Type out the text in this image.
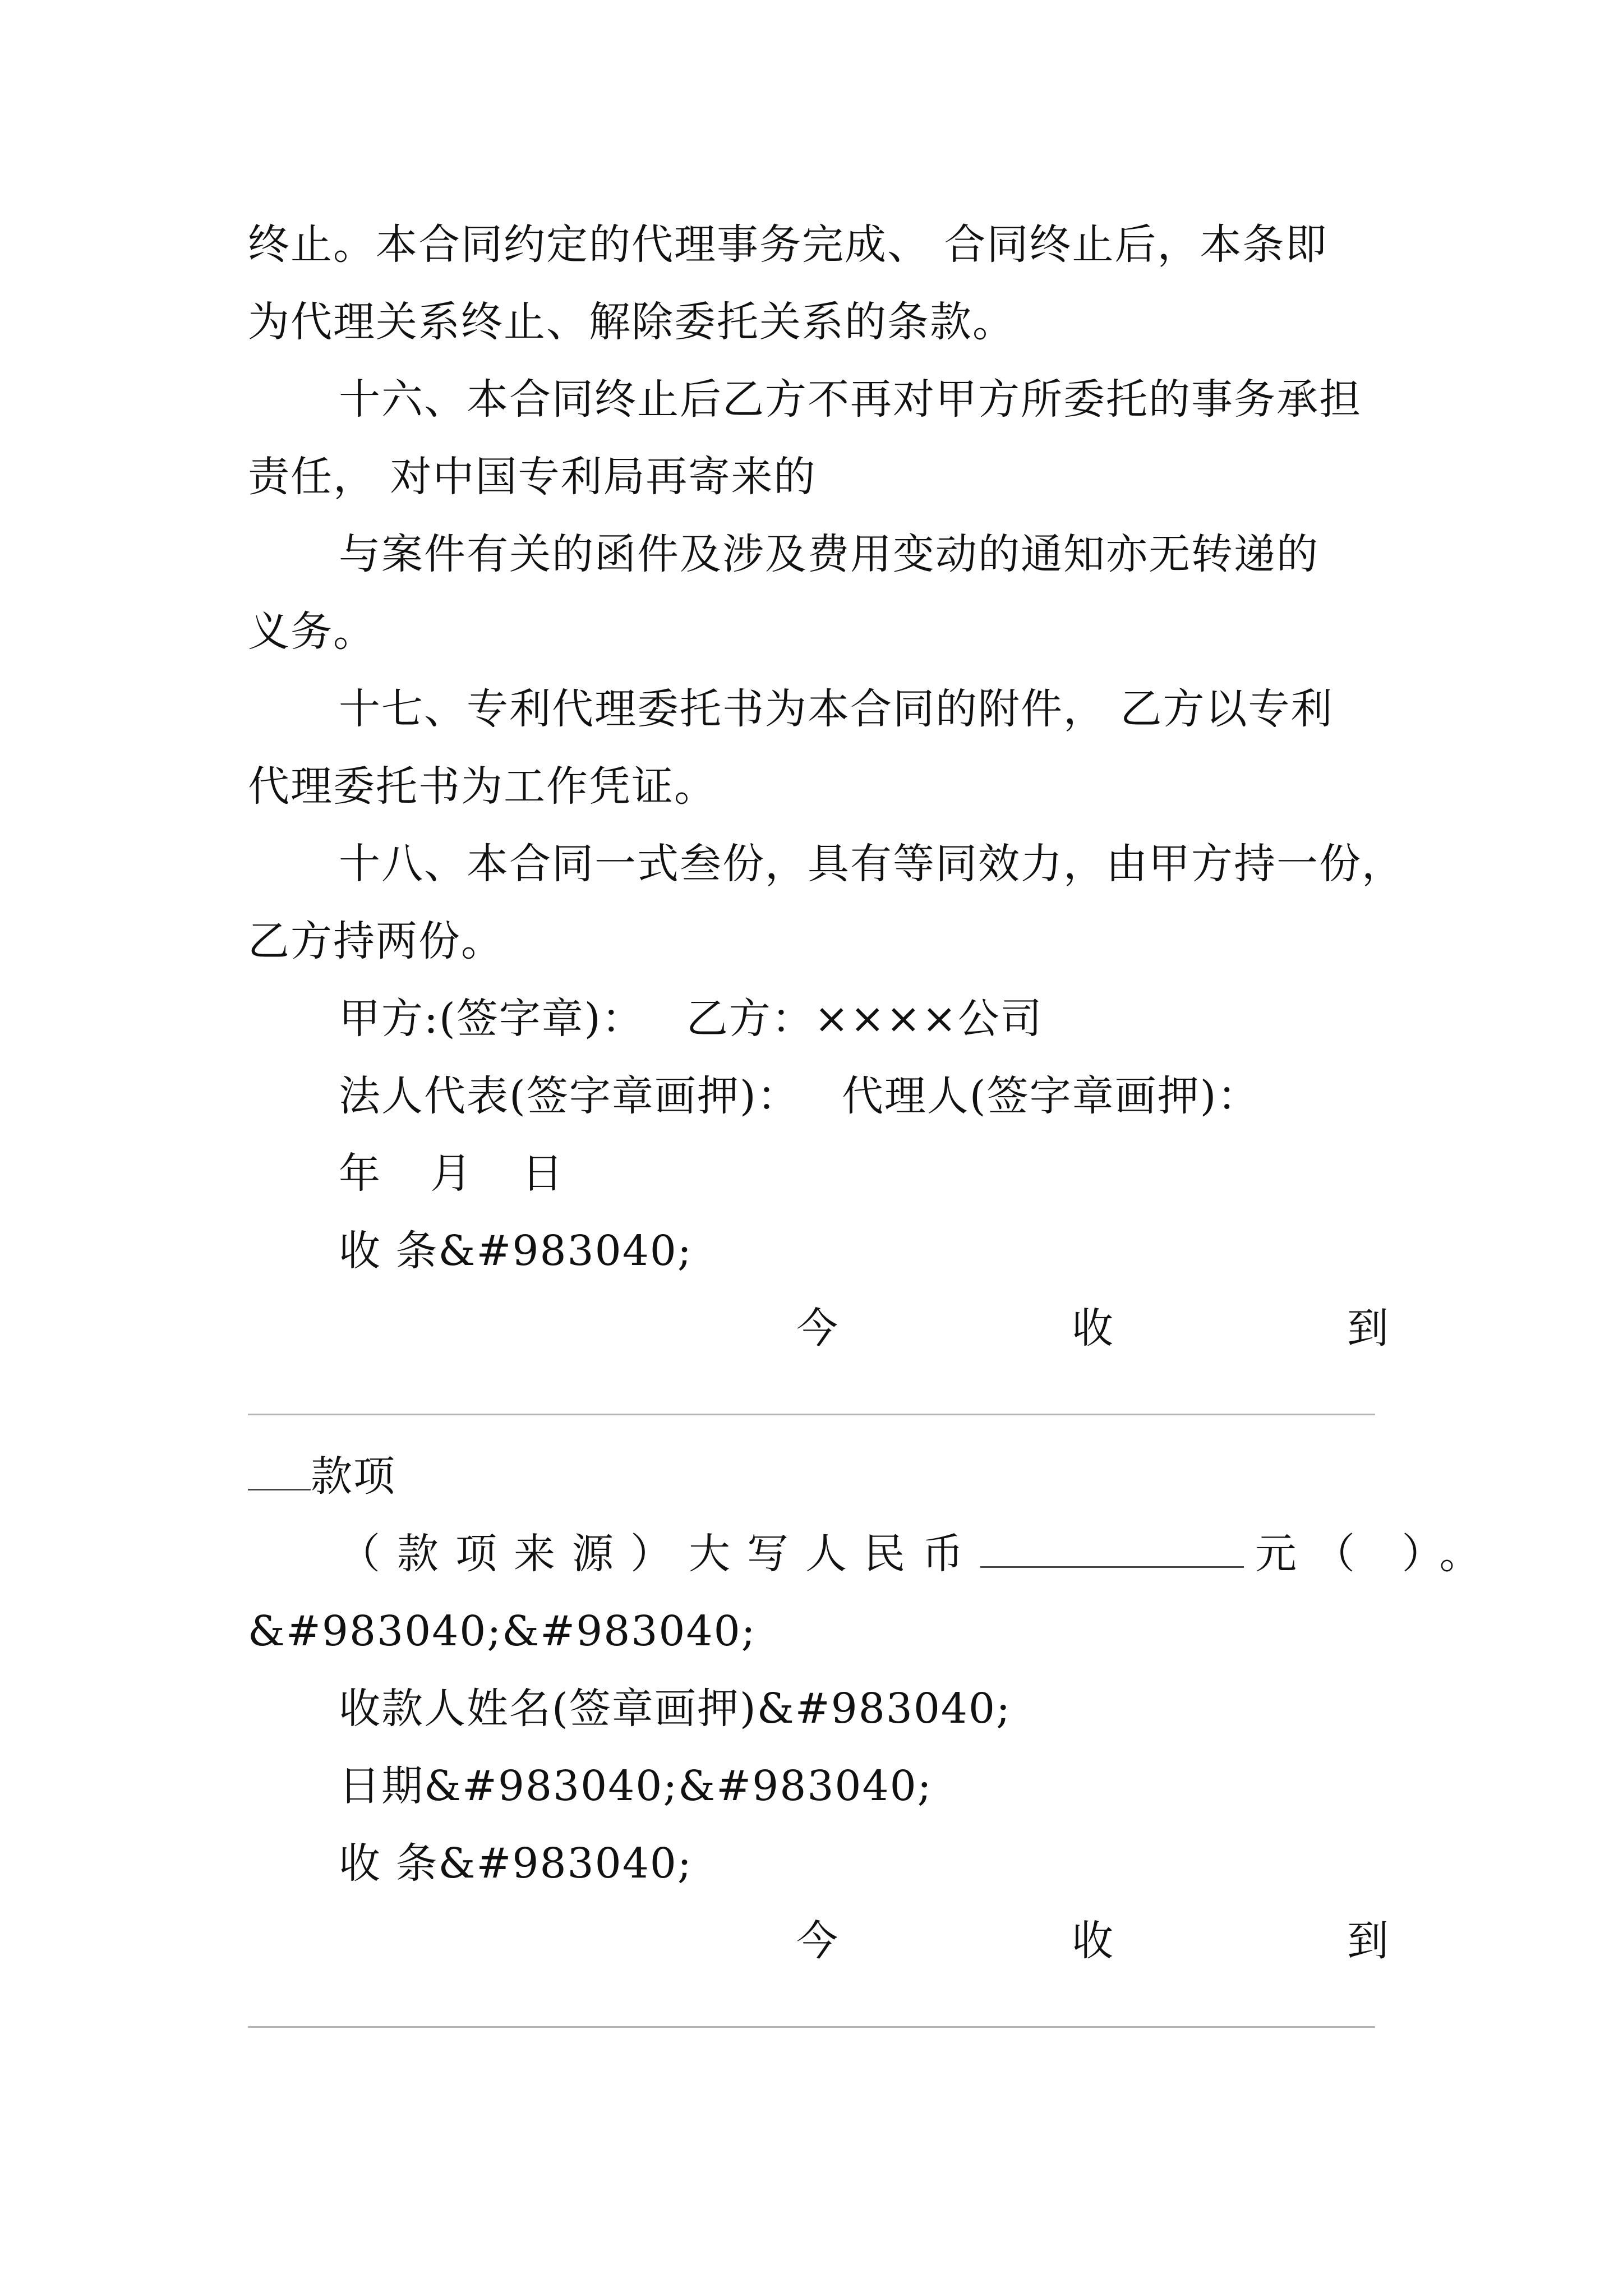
终止。本合同约定的代理事务完成、 合同终止后，本条即
为代理关系终止、解除委托关系的条款。
十六、本合同终止后乙方不再对甲方所委托的事务承担
责任， 对中国专利局再寄来的
与案件有关的函件及涉及费用变动的通知亦无转递的
义务。
十七、专利代理委托书为本合同的附件， 乙方以专利
代理委托书为工作凭证。
十八、本合同一式叁份，具有等同效力，由甲方持一份，
乙方持两份。
甲方:(签字章)： 乙方：××××公司
法人代表(签字章画押)： 代理人(签字章画押)：
年 月 日
收 条&#983040;
今	收	到
款项
（款项来源）大写人民币	元（ ）。
&#983040;&#983040;
收款人姓名(签章画押)&#983040;
日期&#983040;&#983040;
收 条&#983040;
今	收	到
